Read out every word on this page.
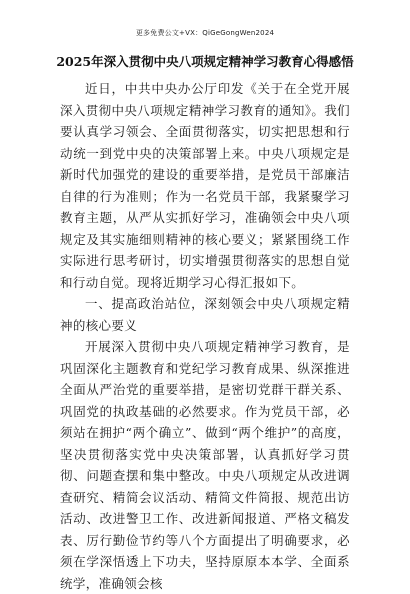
更多免费公文+VX：QiGeGongWen2024
2025年深入贯彻中央八项规定精神学习教育心得感悟

近日，中共中央办公厅印发《关于在全党开展深入贯彻中央八项规定精神学习教育的通知》。我们要认真学习领会、全面贯彻落实，切实把思想和行动统一到党中央的决策部署上来。中央八项规定是新时代加强党的建设的重要举措，是党员干部廉洁自律的行为准则；作为一名党员干部，我紧聚学习教育主题，从严从实抓好学习，准确领会中央八项规定及其实施细则精神的核心要义；紧紧围绕工作实际进行思考研讨，切实增强贯彻落实的思想自觉和行动自觉。现将近期学习心得汇报如下。

一、提高政治站位，深刻领会中央八项规定精神的核心要义

开展深入贯彻中央八项规定精神学习教育，是巩固深化主题教育和党纪学习教育成果、纵深推进全面从严治党的重要举措，是密切党群干群关系、巩固党的执政基础的必然要求。作为党员干部，必须站在拥护“两个确立”、做到“两个维护”的高度，坚决贯彻落实党中央决策部署，认真抓好学习贯彻、问题查摆和集中整改。中央八项规定从改进调查研究、精简会议活动、精简文件简报、规范出访活动、改进警卫工作、改进新闻报道、严格文稿发表、厉行勤俭节约等八个方面提出了明确要求，必须在学深悟透上下功夫，坚持原原本本学、全面系统学，准确领会核
